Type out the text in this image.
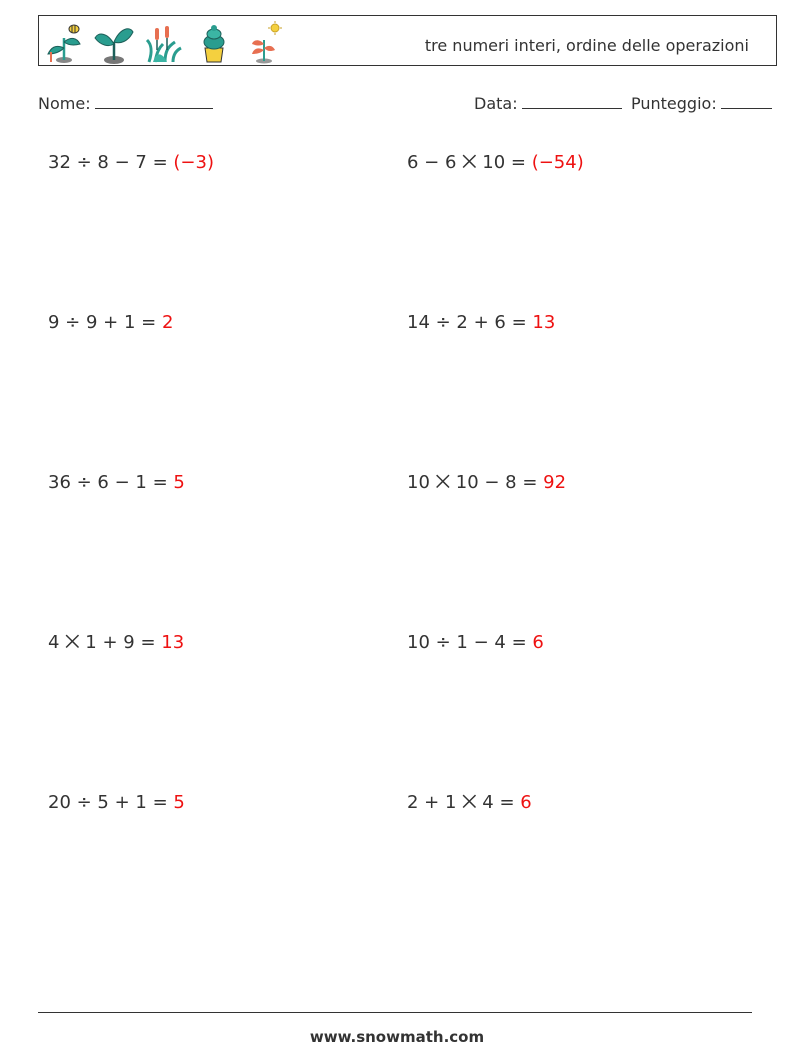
tre numeri interi, ordine delle operazioni
Nome:	Data:	Punteggio:
32 ÷ 8 − 7 = (−3)	6 − 6 ⨉ 10 = (−54)
9 ÷ 9 + 1 = 2	14 ÷ 2 + 6 = 13
36 ÷ 6 − 1 = 5	10 ⨉ 10 − 8 = 92
4 ⨉ 1 + 9 = 13	10 ÷ 1 − 4 = 6
20 ÷ 5 + 1 = 5	2 + 1 ⨉ 4 = 6
www.snowmath.com
